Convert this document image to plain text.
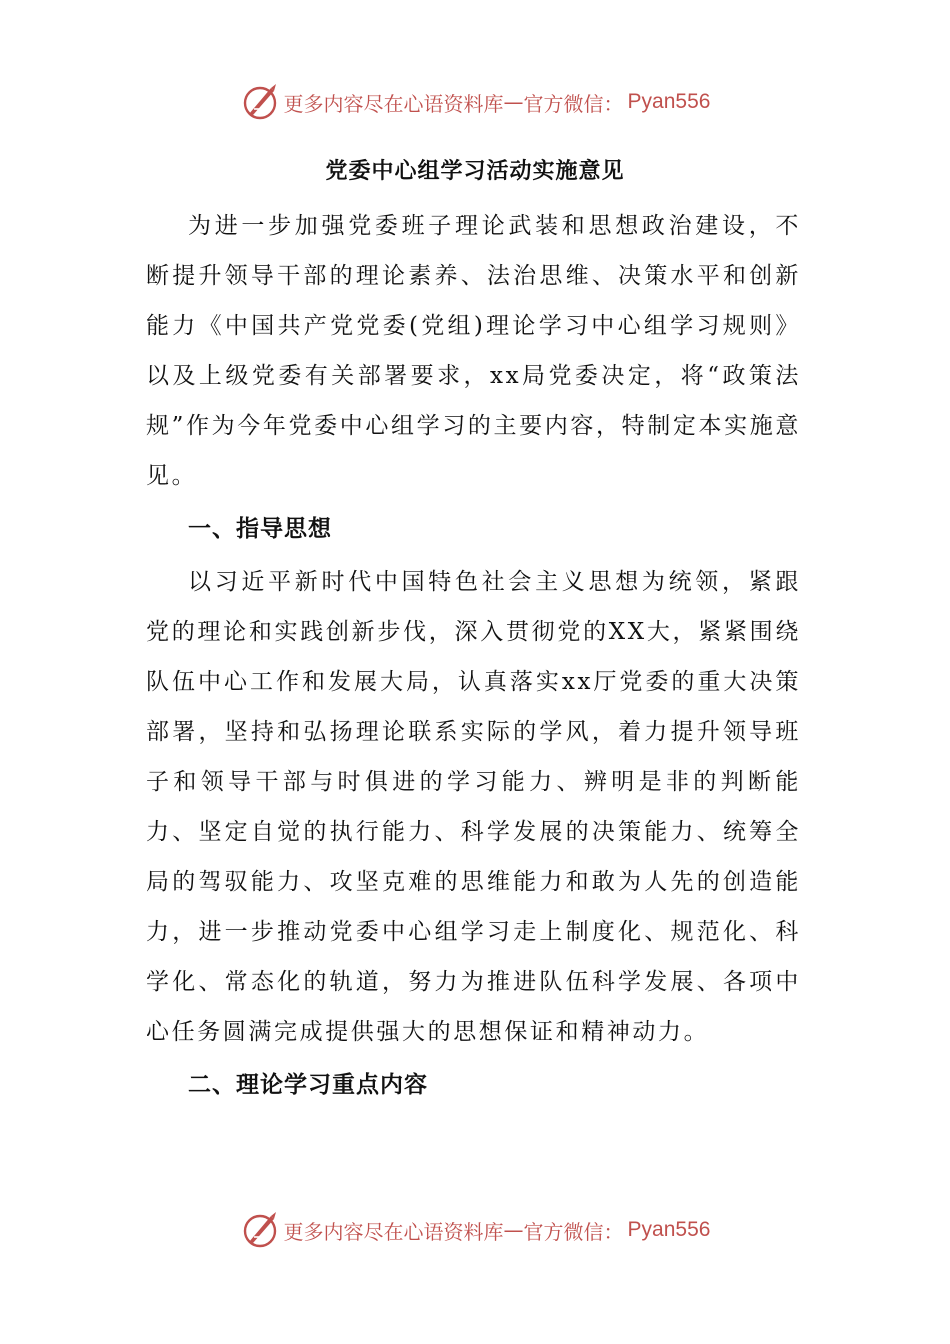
更多内容尽在心语资料库 — 官方微信： Pyan556
党委中心组学习活动实施意见

为进一步加强党委班子理论武装和思想政治建设，不断提升领导干部的理论素养、法治思维、决策水平和创新能力《中国共产党党委(党组)理论学习中心组学习规则》以及上级党委有关部署要求，xx局党委决定，将“政策法规”作为今年党委中心组学习的主要内容，特制定本实施意见。

一、指导思想

以习近平新时代中国特色社会主义思想为统领，紧跟党的理论和实践创新步伐，深入贯彻党的XX大，紧紧围绕队伍中心工作和发展大局，认真落实xx厅党委的重大决策部署，坚持和弘扬理论联系实际的学风，着力提升领导班子和领导干部与时俱进的学习能力、辨明是非的判断能力、坚定自觉的执行能力、科学发展的决策能力、统筹全局的驾驭能力、攻坚克难的思维能力和敢为人先的创造能力，进一步推动党委中心组学习走上制度化、规范化、科学化、常态化的轨道，努力为推进队伍科学发展、各项中心任务圆满完成提供强大的思想保证和精神动力。

二、理论学习重点内容

更多内容尽在心语资料库 — 官方微信： Pyan556
